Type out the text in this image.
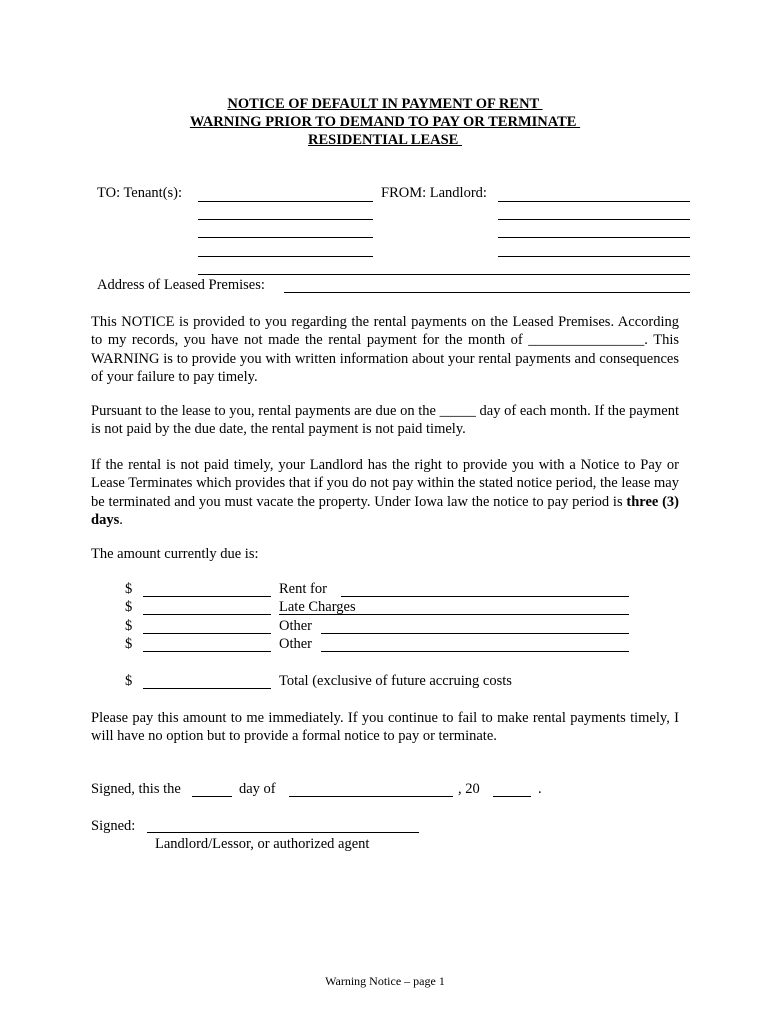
NOTICE OF DEFAULT IN PAYMENT OF RENT
WARNING PRIOR TO DEMAND TO PAY OR TERMINATE
RESIDENTIAL LEASE
TO: Tenant(s):	FROM: Landlord:
Address of Leased Premises:
This NOTICE is provided to you regarding the rental payments on the Leased Premises. According to my records, you have not made the rental payment for the month of ________________. This WARNING is to provide you with written information about your rental payments and consequences of your failure to pay timely.
Pursuant to the lease to you, rental payments are due on the _____ day of each month. If the payment is not paid by the due date, the rental payment is not paid timely.
If the rental is not paid timely, your Landlord has the right to provide you with a Notice to Pay or Lease Terminates which provides that if you do not pay within the stated notice period, the lease may be terminated and you must vacate the property. Under Iowa law the notice to pay period is three (3) days.
The amount currently due is:
$	Rent for
$	Late Charges
$	Other
$	Other
$	Total (exclusive of future accruing costs
Please pay this amount to me immediately. If you continue to fail to make rental payments timely, I will have no option but to provide a formal notice to pay or terminate.
Signed, this the	day of	, 20	.
Signed:
Landlord/Lessor, or authorized agent
Warning Notice – page 1
